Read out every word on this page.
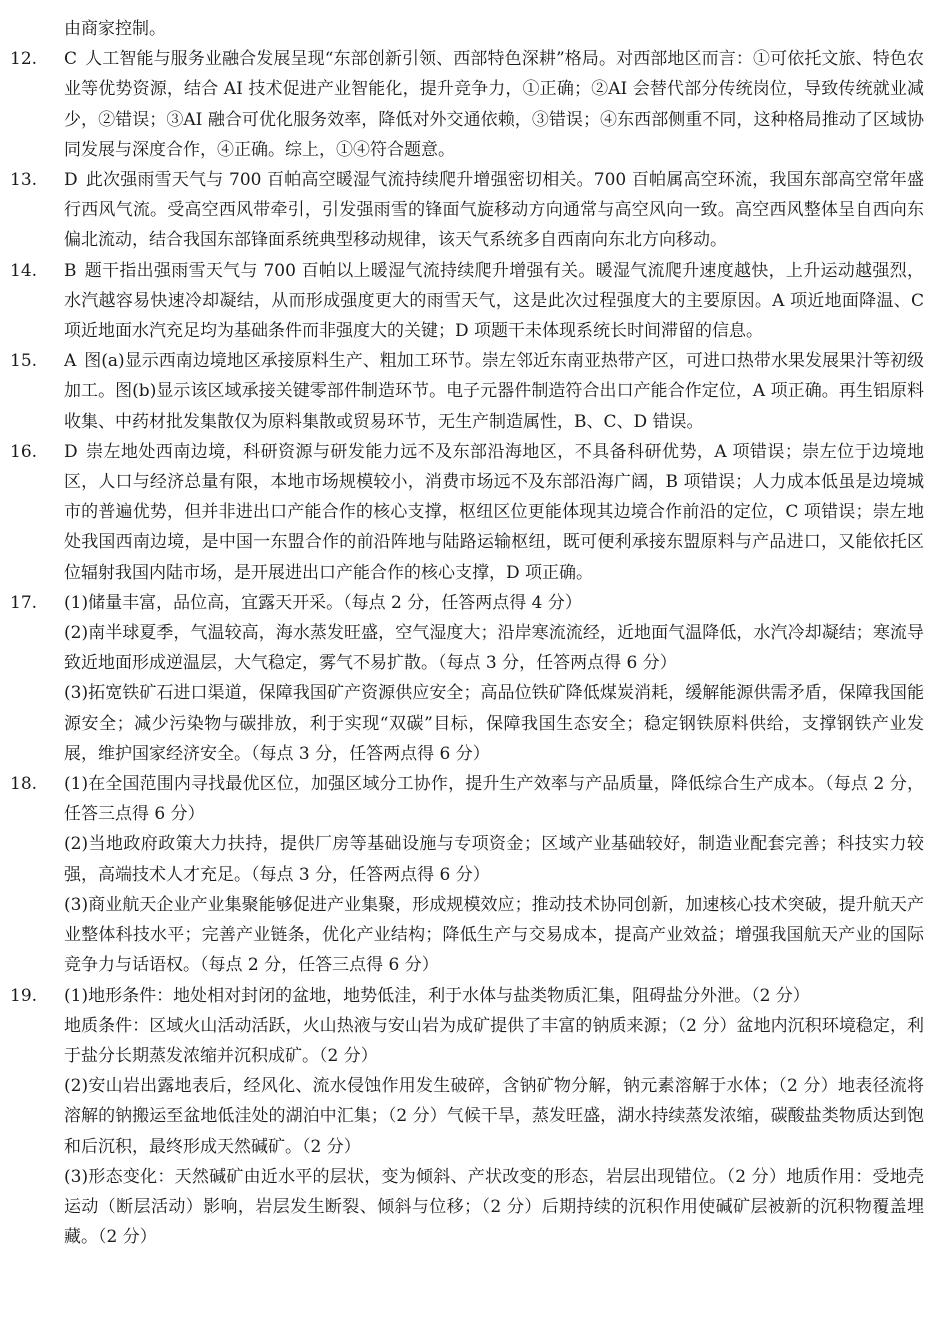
由商家控制。

12. C 人工智能与服务业融合发展呈现“东部创新引领、西部特色深耕”格局。对西部地区而言：①可依托文旅、特色农业等优势资源，结合 AI 技术促进产业智能化，提升竞争力，①正确；②AI 会替代部分传统岗位，导致传统就业减少，②错误；③AI 融合可优化服务效率，降低对外交通依赖，③错误；④东西部侧重不同，这种格局推动了区域协同发展与深度合作，④正确。综上，①④符合题意。

13. D 此次强雨雪天气与 700 百帕高空暖湿气流持续爬升增强密切相关。700 百帕属高空环流，我国东部高空常年盛行西风气流。受高空西风带牵引，引发强雨雪的锋面气旋移动方向通常与高空风向一致。高空西风整体呈自西向东偏北流动，结合我国东部锋面系统典型移动规律，该天气系统多自西南向东北方向移动。

14. B 题干指出强雨雪天气与 700 百帕以上暖湿气流持续爬升增强有关。暖湿气流爬升速度越快，上升运动越强烈，水汽越容易快速冷却凝结，从而形成强度更大的雨雪天气，这是此次过程强度大的主要原因。A 项近地面降温、C 项近地面水汽充足均为基础条件而非强度大的关键；D 项题干未体现系统长时间滞留的信息。

15. A 图(a)显示西南边境地区承接原料生产、粗加工环节。崇左邻近东南亚热带产区，可进口热带水果发展果汁等初级加工。图(b)显示该区域承接关键零部件制造环节。电子元器件制造符合出口产能合作定位，A 项正确。再生铝原料收集、中药材批发集散仅为原料集散或贸易环节，无生产制造属性，B、C、D 错误。

16. D 崇左地处西南边境，科研资源与研发能力远不及东部沿海地区，不具备科研优势，A 项错误；崇左位于边境地区，人口与经济总量有限，本地市场规模较小，消费市场远不及东部沿海广阔，B 项错误；人力成本低虽是边境城市的普遍优势，但并非进出口产能合作的核心支撑，枢纽区位更能体现其边境合作前沿的定位，C 项错误；崇左地处我国西南边境，是中国一东盟合作的前沿阵地与陆路运输枢纽，既可便利承接东盟原料与产品进口，又能依托区位辐射我国内陆市场，是开展进出口产能合作的核心支撑，D 项正确。

17. (1)储量丰富，品位高，宜露天开采。（每点 2 分，任答两点得 4 分）

(2)南半球夏季，气温较高，海水蒸发旺盛，空气湿度大；沿岸寒流流经，近地面气温降低，水汽冷却凝结；寒流导致近地面形成逆温层，大气稳定，雾气不易扩散。（每点 3 分，任答两点得 6 分）

(3)拓宽铁矿石进口渠道，保障我国矿产资源供应安全；高品位铁矿降低煤炭消耗，缓解能源供需矛盾，保障我国能源安全；减少污染物与碳排放，利于实现“双碳”目标，保障我国生态安全；稳定钢铁原料供给，支撑钢铁产业发展，维护国家经济安全。（每点 3 分，任答两点得 6 分）

18. (1)在全国范围内寻找最优区位，加强区域分工协作，提升生产效率与产品质量，降低综合生产成本。（每点 2 分，任答三点得 6 分）

(2)当地政府政策大力扶持，提供厂房等基础设施与专项资金；区域产业基础较好，制造业配套完善；科技实力较强，高端技术人才充足。（每点 3 分，任答两点得 6 分）

(3)商业航天企业产业集聚能够促进产业集聚，形成规模效应；推动技术协同创新，加速核心技术突破，提升航天产业整体科技水平；完善产业链条，优化产业结构；降低生产与交易成本，提高产业效益；增强我国航天产业的国际竞争力与话语权。（每点 2 分，任答三点得 6 分）

19. (1)地形条件：地处相对封闭的盆地，地势低洼，利于水体与盐类物质汇集，阻碍盐分外泄。（2 分）

地质条件：区域火山活动活跃，火山热液与安山岩为成矿提供了丰富的钠质来源；（2 分）盆地内沉积环境稳定，利于盐分长期蒸发浓缩并沉积成矿。（2 分）

(2)安山岩出露地表后，经风化、流水侵蚀作用发生破碎，含钠矿物分解，钠元素溶解于水体；（2 分）地表径流将溶解的钠搬运至盆地低洼处的湖泊中汇集；（2 分）气候干旱，蒸发旺盛，湖水持续蒸发浓缩，碳酸盐类物质达到饱和后沉积，最终形成天然碱矿。（2 分）

(3)形态变化：天然碱矿由近水平的层状，变为倾斜、产状改变的形态，岩层出现错位。（2 分）地质作用：受地壳运动（断层活动）影响，岩层发生断裂、倾斜与位移；（2 分）后期持续的沉积作用使碱矿层被新的沉积物覆盖埋藏。（2 分）
